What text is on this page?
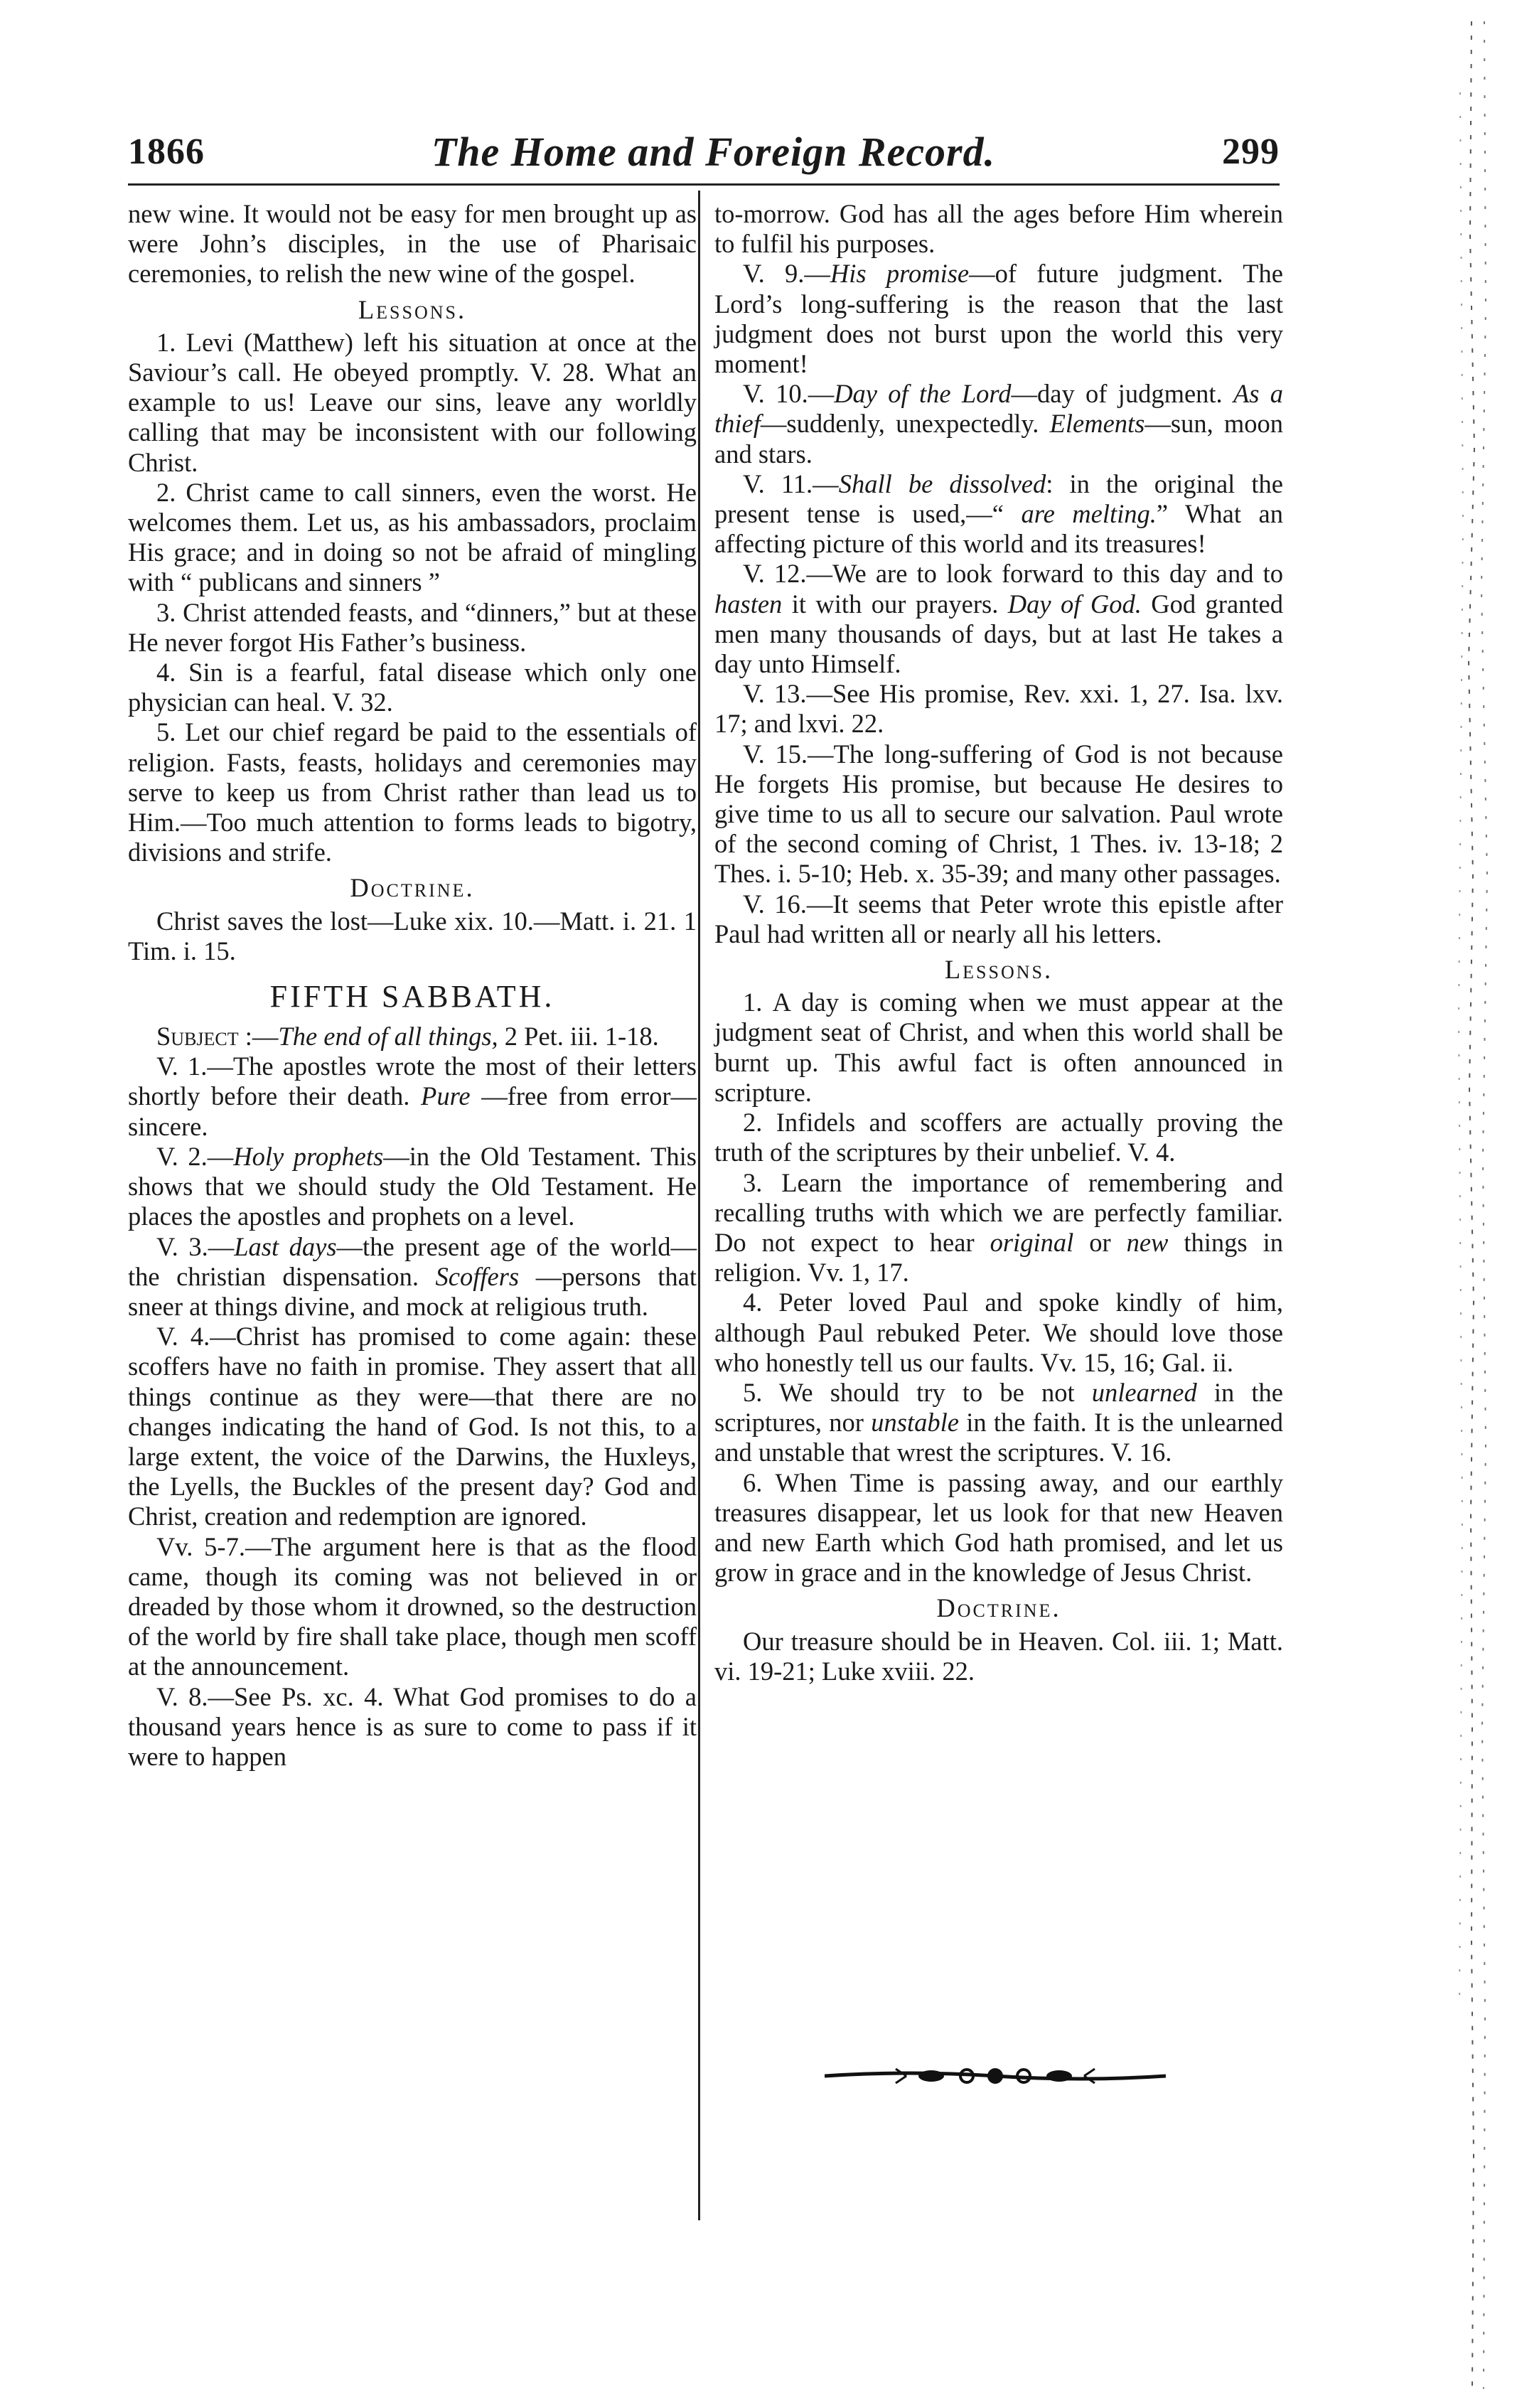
1866	The Home and Foreign Record.	299

new wine. It would not be easy for men brought up as were John’s disciples, in the use of Pharisaic ceremonies, to relish the new wine of the gospel.

Lessons.

1. Levi (Matthew) left his situation at once at the Saviour’s call. He obeyed promptly. V. 28. What an example to us! Leave our sins, leave any worldly calling that may be inconsistent with our following Christ.

2. Christ came to call sinners, even the worst. He welcomes them. Let us, as his ambassadors, proclaim His grace; and in doing so not be afraid of mingling with “ publicans and sinners ”

3. Christ attended feasts, and “dinners,” but at these He never forgot His Father’s business.

4. Sin is a fearful, fatal disease which only one physician can heal. V. 32.

5. Let our chief regard be paid to the essentials of religion. Fasts, feasts, holidays and ceremonies may serve to keep us from Christ rather than lead us to Him.—Too much attention to forms leads to bigotry, divisions and strife.

Doctrine.

Christ saves the lost—Luke xix. 10.—Matt. i. 21. 1 Tim. i. 15.

FIFTH SABBATH.

Subject :—The end of all things, 2 Pet. iii. 1-18.

V. 1.—The apostles wrote the most of their letters shortly before their death. Pure —free from error—sincere.

V. 2.—Holy prophets—in the Old Testament. This shows that we should study the Old Testament. He places the apostles and prophets on a level.

V. 3.—Last days—the present age of the world—the christian dispensation. Scoffers —persons that sneer at things divine, and mock at religious truth.

V. 4.—Christ has promised to come again: these scoffers have no faith in promise. They assert that all things continue as they were—that there are no changes indicating the hand of God. Is not this, to a large extent, the voice of the Darwins, the Huxleys, the Lyells, the Buckles of the present day? God and Christ, creation and redemption are ignored.

Vv. 5-7.—The argument here is that as the flood came, though its coming was not believed in or dreaded by those whom it drowned, so the destruction of the world by fire shall take place, though men scoff at the announcement.

V. 8.—See Ps. xc. 4. What God promises to do a thousand years hence is as sure to come to pass if it were to happen

to-morrow. God has all the ages before Him wherein to fulfil his purposes.

V. 9.—His promise—of future judgment. The Lord’s long-suffering is the reason that the last judgment does not burst upon the world this very moment!

V. 10.—Day of the Lord—day of judgment. As a thief—suddenly, unexpectedly. Elements—sun, moon and stars.

V. 11.—Shall be dissolved: in the original the present tense is used,—“ are melting.” What an affecting picture of this world and its treasures!

V. 12.—We are to look forward to this day and to hasten it with our prayers. Day of God. God granted men many thousands of days, but at last He takes a day unto Himself.

V. 13.—See His promise, Rev. xxi. 1, 27. Isa. lxv. 17; and lxvi. 22.

V. 15.—The long-suffering of God is not because He forgets His promise, but because He desires to give time to us all to secure our salvation. Paul wrote of the second coming of Christ, 1 Thes. iv. 13-18; 2 Thes. i. 5-10; Heb. x. 35-39; and many other passages.

V. 16.—It seems that Peter wrote this epistle after Paul had written all or nearly all his letters.

Lessons.

1. A day is coming when we must appear at the judgment seat of Christ, and when this world shall be burnt up. This awful fact is often announced in scripture.

2. Infidels and scoffers are actually proving the truth of the scriptures by their unbelief. V. 4.

3. Learn the importance of remembering and recalling truths with which we are perfectly familiar. Do not expect to hear original or new things in religion. Vv. 1, 17.

4. Peter loved Paul and spoke kindly of him, although Paul rebuked Peter. We should love those who honestly tell us our faults. Vv. 15, 16; Gal. ii.

5. We should try to be not unlearned in the scriptures, nor unstable in the faith. It is the unlearned and unstable that wrest the scriptures. V. 16.

6. When Time is passing away, and our earthly treasures disappear, let us look for that new Heaven and new Earth which God hath promised, and let us grow in grace and in the knowledge of Jesus Christ.

Doctrine.

Our treasure should be in Heaven. Col. iii. 1; Matt. vi. 19-21; Luke xviii. 22.
